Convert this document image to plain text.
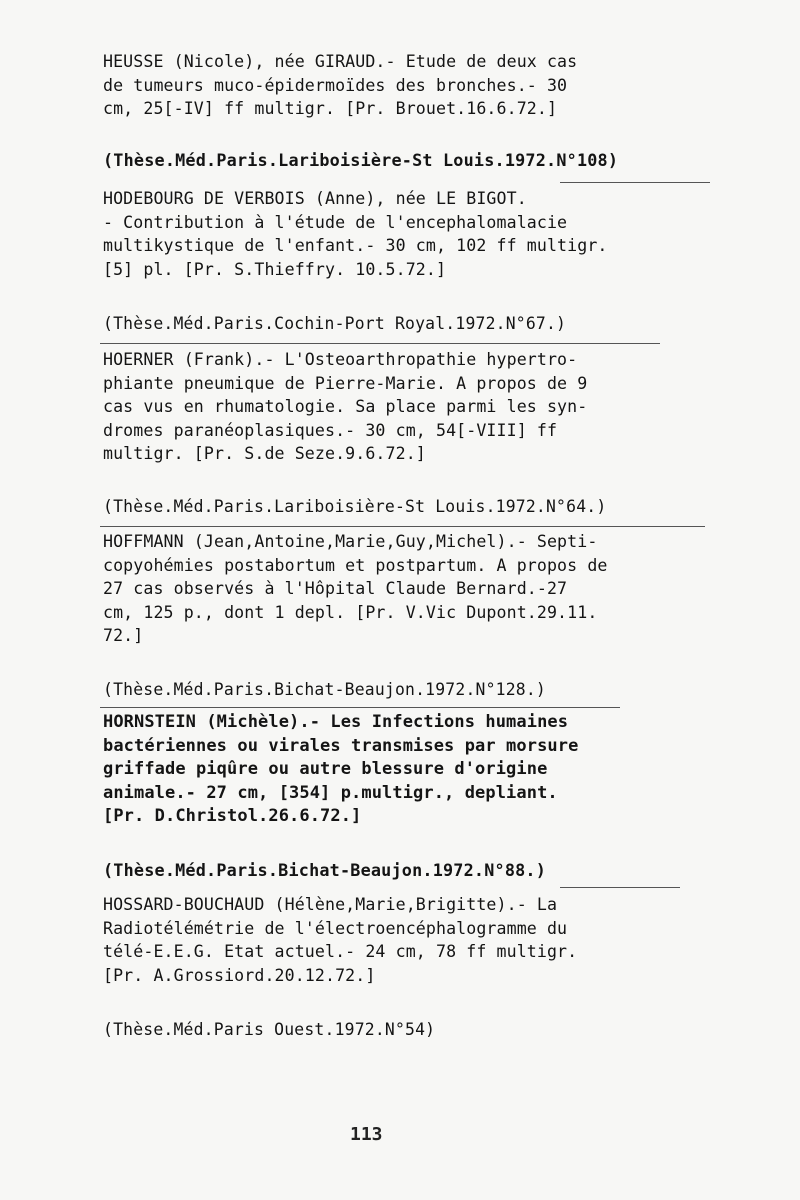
HEUSSE (Nicole), née GIRAUD.- Etude de deux cas
de tumeurs muco-épidermoïdes des bronches.- 30
cm, 25[-IV] ff multigr. [Pr. Brouet.16.6.72.]
(Thèse.Méd.Paris.Lariboisière-St Louis.1972.N°108)
HODEBOURG DE VERBOIS (Anne), née LE BIGOT.
- Contribution à l'étude de l'encephalomalacie
multikystique de l'enfant.- 30 cm, 102 ff multigr.
[5] pl. [Pr. S.Thieffry. 10.5.72.]
(Thèse.Méd.Paris.Cochin-Port Royal.1972.N°67.)
HOERNER (Frank).- L'Osteoarthropathie hypertro-
phiante pneumique de Pierre-Marie. A propos de 9
cas vus en rhumatologie. Sa place parmi les syn-
dromes paranéoplasiques.- 30 cm, 54[-VIII] ff
multigr. [Pr. S.de Seze.9.6.72.]
(Thèse.Méd.Paris.Lariboisière-St Louis.1972.N°64.)
HOFFMANN (Jean,Antoine,Marie,Guy,Michel).- Septi-
copyohémies postabortum et postpartum. A propos de
27 cas observés à l'Hôpital Claude Bernard.-27
cm, 125 p., dont 1 depl. [Pr. V.Vic Dupont.29.11.
72.]
(Thèse.Méd.Paris.Bichat-Beaujon.1972.N°128.)
HORNSTEIN (Michèle).- Les Infections humaines
bactériennes ou virales transmises par morsure
griffade piqûre ou autre blessure d'origine
animale.- 27 cm, [354] p.multigr., depliant.
[Pr. D.Christol.26.6.72.]
(Thèse.Méd.Paris.Bichat-Beaujon.1972.N°88.)
HOSSARD-BOUCHAUD (Hélène,Marie,Brigitte).- La
Radiotélémétrie de l'électroencéphalogramme du
télé-E.E.G. Etat actuel.- 24 cm, 78 ff multigr.
[Pr. A.Grossiord.20.12.72.]
(Thèse.Méd.Paris Ouest.1972.N°54)
113
